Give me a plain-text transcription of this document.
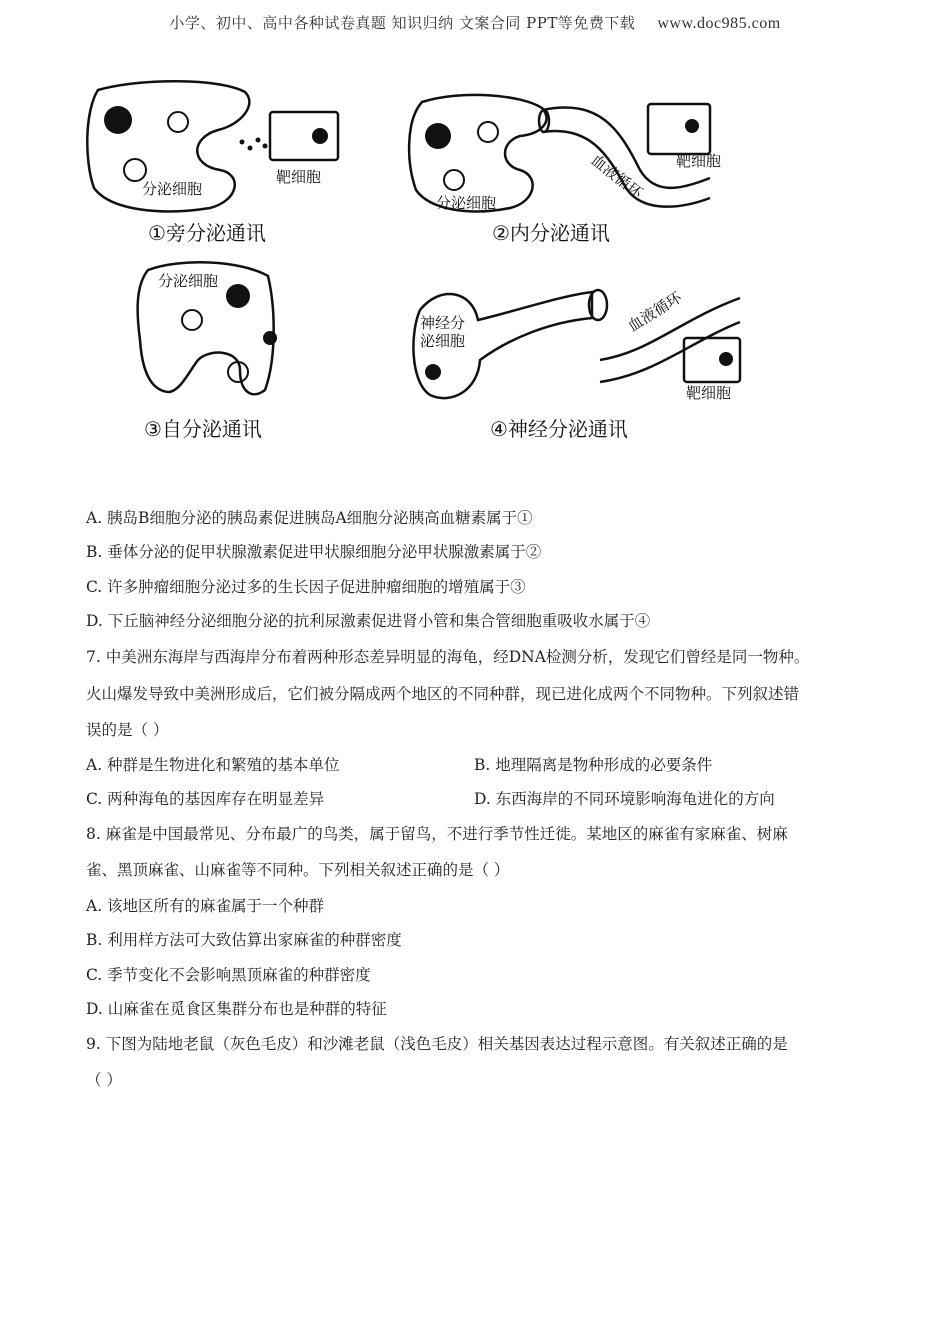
小学、初中、高中各种试卷真题 知识归纳 文案合同 PPT等免费下载 www.doc985.com
分泌细胞
靶细胞
①旁分泌通讯
分泌细胞
靶细胞
血液循环
②内分泌通讯
分泌细胞
③自分泌通讯
神经分
泌细胞
血液循环
靶细胞
④神经分泌通讯
A. 胰岛B细胞分泌的胰岛素促进胰岛A细胞分泌胰高血糖素属于①
B. 垂体分泌的促甲状腺激素促进甲状腺细胞分泌甲状腺激素属于②
C. 许多肿瘤细胞分泌过多的生长因子促进肿瘤细胞的增殖属于③
D. 下丘脑神经分泌细胞分泌的抗利尿激素促进肾小管和集合管细胞重吸收水属于④
7. 中美洲东海岸与西海岸分布着两种形态差异明显的海龟，经DNA检测分析，发现它们曾经是同一物种。
火山爆发导致中美洲形成后，它们被分隔成两个地区的不同种群，现已进化成两个不同物种。下列叙述错
误的是（ ）
A. 种群是生物进化和繁殖的基本单位	B. 地理隔离是物种形成的必要条件
C. 两种海龟的基因库存在明显差异	D. 东西海岸的不同环境影响海龟进化的方向
8. 麻雀是中国最常见、分布最广的鸟类，属于留鸟，不进行季节性迁徙。某地区的麻雀有家麻雀、树麻
雀、黑顶麻雀、山麻雀等不同种。下列相关叙述正确的是（ ）
A. 该地区所有的麻雀属于一个种群
B. 利用样方法可大致估算出家麻雀的种群密度
C. 季节变化不会影响黑顶麻雀的种群密度
D. 山麻雀在觅食区集群分布也是种群的特征
9. 下图为陆地老鼠（灰色毛皮）和沙滩老鼠（浅色毛皮）相关基因表达过程示意图。有关叙述正确的是
（ ）
